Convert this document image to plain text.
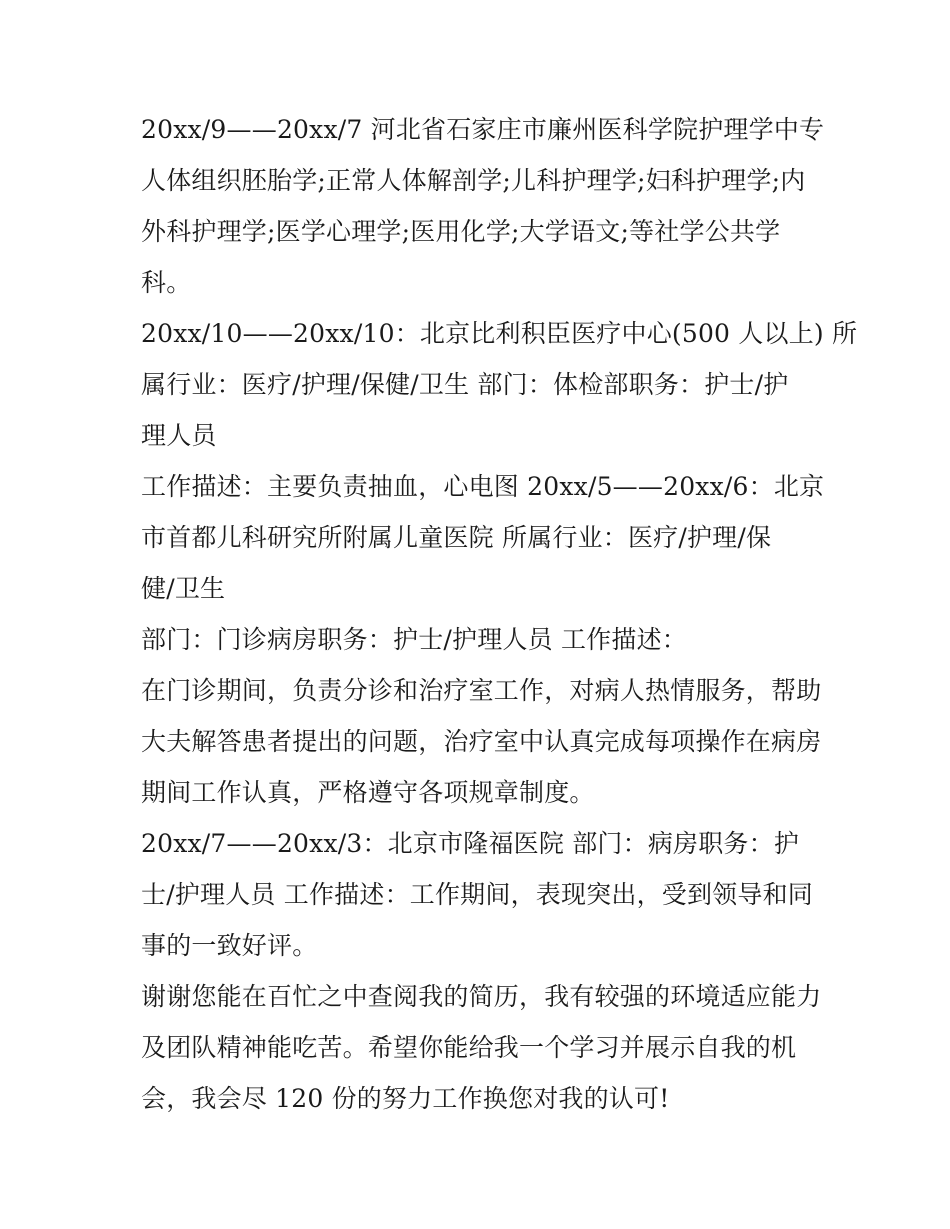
20xx/9——20xx/7 河北省石家庄市廉州医科学院护理学中专
人体组织胚胎学;正常人体解剖学;儿科护理学;妇科护理学;内
外科护理学;医学心理学;医用化学;大学语文;等社学公共学
科。
20xx/10——20xx/10：北京比利积臣医疗中心(500 人以上) 所
属行业：医疗/护理/保健/卫生 部门：体检部职务：护士/护
理人员
工作描述：主要负责抽血，心电图 20xx/5——20xx/6：北京
市首都儿科研究所附属儿童医院 所属行业：医疗/护理/保
健/卫生
部门：门诊病房职务：护士/护理人员 工作描述：
在门诊期间，负责分诊和治疗室工作，对病人热情服务，帮助
大夫解答患者提出的问题，治疗室中认真完成每项操作在病房
期间工作认真，严格遵守各项规章制度。
20xx/7——20xx/3：北京市隆福医院 部门：病房职务：护
士/护理人员 工作描述：工作期间，表现突出，受到领导和同
事的一致好评。
谢谢您能在百忙之中查阅我的简历，我有较强的环境适应能力
及团队精神能吃苦。希望你能给我一个学习并展示自我的机
会，我会尽 120 份的努力工作换您对我的认可!
